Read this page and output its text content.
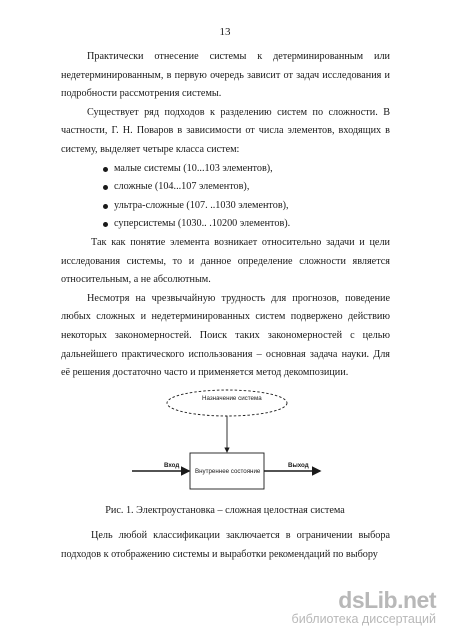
13

Практически отнесение системы к детерминированным или недетерминированным, в первую очередь зависит от задач исследования и подробности рассмотрения системы.

Существует ряд подходов к разделению систем по сложности. В частности, Г. Н. Поваров в зависимости от числа элементов, входящих в систему, выделяет четыре класса систем:

малые системы (10...103 элементов),
сложные (104...107 элементов),
ультра-сложные (107. ..1030 элементов),
суперсистемы (1030.. .10200 элементов).

Так как понятие элемента возникает относительно задачи и цели исследования системы, то и данное определение сложности является относительным, а не абсолютным.

Несмотря на чрезвычайную трудность для прогнозов, поведение любых сложных и недетерминированных систем подвержено действию некоторых закономерностей. Поиск таких закономерностей с целью дальнейшего практического использования – основная задача науки. Для её решения достаточно часто и применяется метод декомпозиции.

Назначение система
Внутреннее состояние
Вход	Выход
Рис. 1. Электроустановка – сложная целостная система

Цель любой классификации заключается в ограничении выбора подходов к отображению системы и выработки рекомендаций по выбору

dsLib.net
библиотека диссертаций
